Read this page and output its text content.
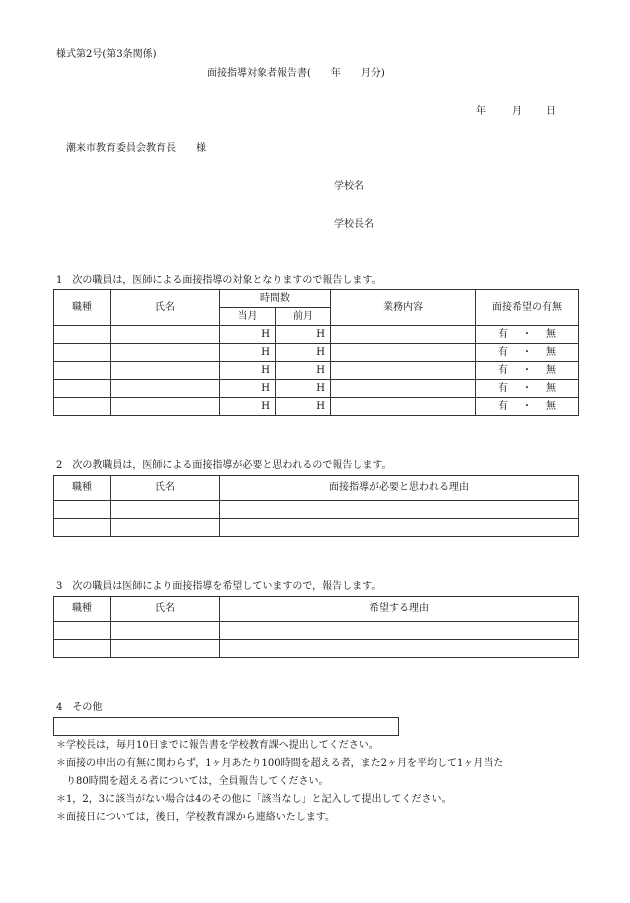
様式第2号(第3条関係)
面接指導対象者報告書(　　年　　月分)
年	月 日
潮来市教育委員会教育長　　様
学校名
学校長名
1　次の職員は，医師による面接指導の対象となりますので報告します。
職種	氏名	時間数		業務内容	面接希望の有無
		当月	前月		
		H	H		有 ・ 無
		H	H		有 ・ 無
		H	H		有 ・ 無
		H	H		有 ・ 無
		H	H		有 ・ 無
2　次の教職員は，医師による面接指導が必要と思われるので報告します。
職種	氏名	面接指導が必要と思われる理由

3　次の職員は医師により面接指導を希望していますので，報告します。
職種	氏名	希望する理由

4　その他
＊学校長は，毎月10日までに報告書を学校教育課へ提出してください。
＊面接の申出の有無に関わらず，1ヶ月あたり100時間を超える者，また2ヶ月を平均して1ヶ月当た
　り80時間を超える者については，全員報告してください。
＊1，2，3に該当がない場合は4のその他に「該当なし」と記入して提出してください。
＊面接日については，後日，学校教育課から連絡いたします。
